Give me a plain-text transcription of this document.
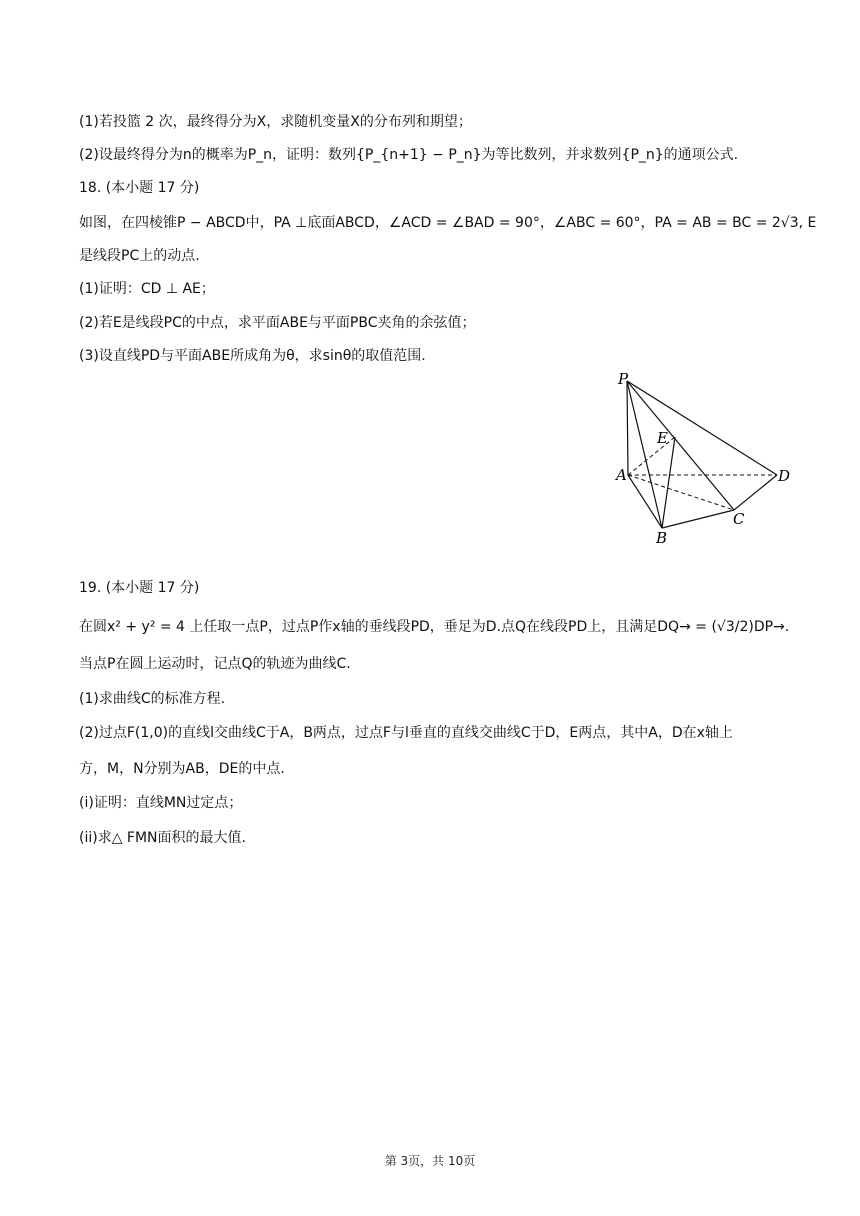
(1)若投篮 2 次，最终得分为X，求随机变量X的分布列和期望；
(2)设最终得分为n的概率为P_n，证明：数列{P_{n+1} − P_n}为等比数列，并求数列{P_n}的通项公式.
18. (本小题 17 分)
如图，在四棱锥P − ABCD中，PA ⊥底面ABCD，∠ACD = ∠BAD = 90°，∠ABC = 60°，PA = AB = BC = 2√3, E
是线段PC上的动点.
(1)证明：CD ⊥ AE；
(2)若E是线段PC的中点，求平面ABE与平面PBC夹角的余弦值；
(3)设直线PD与平面ABE所成角为θ，求sinθ的取值范围.
P
E
A	D
C
B
19. (本小题 17 分)
在圆x² + y² = 4 上任取一点P，过点P作x轴的垂线段PD，垂足为D.点Q在线段PD上，且满足DQ→ = (√3/2)DP→.
当点P在圆上运动时，记点Q的轨迹为曲线C.
(1)求曲线C的标准方程.
(2)过点F(1,0)的直线l交曲线C于A，B两点，过点F与l垂直的直线交曲线C于D，E两点，其中A，D在x轴上
方，M，N分别为AB，DE的中点.
(i)证明：直线MN过定点；
(ii)求△ FMN面积的最大值.
第 3页，共 10页
